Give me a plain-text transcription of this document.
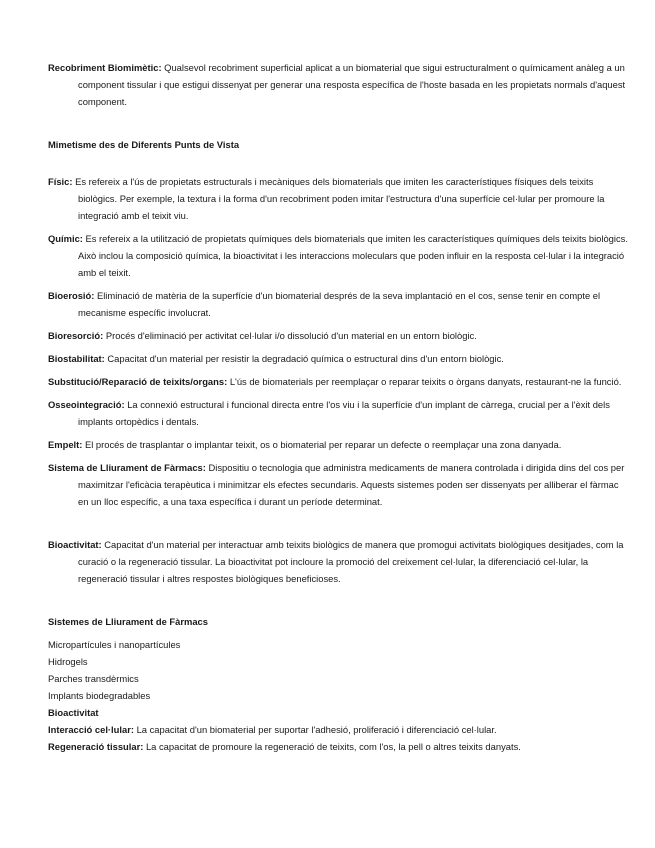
Recobriment Biomimètic: Qualsevol recobriment superficial aplicat a un biomaterial que sigui estructuralment o químicament anàleg a un component tissular i que estigui dissenyat per generar una resposta específica de l'hoste basada en les propietats normals d'aquest component.

Mimetisme des de Diferents Punts de Vista

Físic: Es refereix a l'ús de propietats estructurals i mecàniques dels biomaterials que imiten les característiques físiques dels teixits biològics. Per exemple, la textura i la forma d'un recobriment poden imitar l'estructura d'una superfície cel·lular per promoure la integració amb el teixit viu.

Químic: Es refereix a la utilització de propietats químiques dels biomaterials que imiten les característiques químiques dels teixits biològics. Això inclou la composició química, la bioactivitat i les interaccions moleculars que poden influir en la resposta cel·lular i la integració amb el teixit.

Bioerosió: Eliminació de matèria de la superfície d'un biomaterial després de la seva implantació en el cos, sense tenir en compte el mecanisme específic involucrat.

Bioresorció: Procés d'eliminació per activitat cel·lular i/o dissolució d'un material en un entorn biològic.

Biostabilitat: Capacitat d'un material per resistir la degradació química o estructural dins d'un entorn biològic.

Substitució/Reparació de teixits/organs: L'ús de biomaterials per reemplaçar o reparar teixits o òrgans danyats, restaurant-ne la funció.

Osseointegració: La connexió estructural i funcional directa entre l'os viu i la superfície d'un implant de càrrega, crucial per a l'èxit dels implants ortopèdics i dentals.

Empelt: El procés de trasplantar o implantar teixit, os o biomaterial per reparar un defecte o reemplaçar una zona danyada.

Sistema de Lliurament de Fàrmacs: Dispositiu o tecnologia que administra medicaments de manera controlada i dirigida dins del cos per maximitzar l'eficàcia terapèutica i minimitzar els efectes secundaris. Aquests sistemes poden ser dissenyats per alliberar el fàrmac en un lloc específic, a una taxa específica i durant un període determinat.

Bioactivitat: Capacitat d'un material per interactuar amb teixits biològics de manera que promogui activitats biològiques desitjades, com la curació o la regeneració tissular. La bioactivitat pot incloure la promoció del creixement cel·lular, la diferenciació cel·lular, la regeneració tissular i altres respostes biològiques beneficioses.

Sistemes de Lliurament de Fàrmacs

Micropartícules i nanopartícules

Hidrogels

Parches transdèrmics

Implants biodegradables

Bioactivitat

Interacció cel·lular: La capacitat d'un biomaterial per suportar l'adhesió, proliferació i diferenciació cel·lular.

Regeneració tissular: La capacitat de promoure la regeneració de teixits, com l'os, la pell o altres teixits danyats.
